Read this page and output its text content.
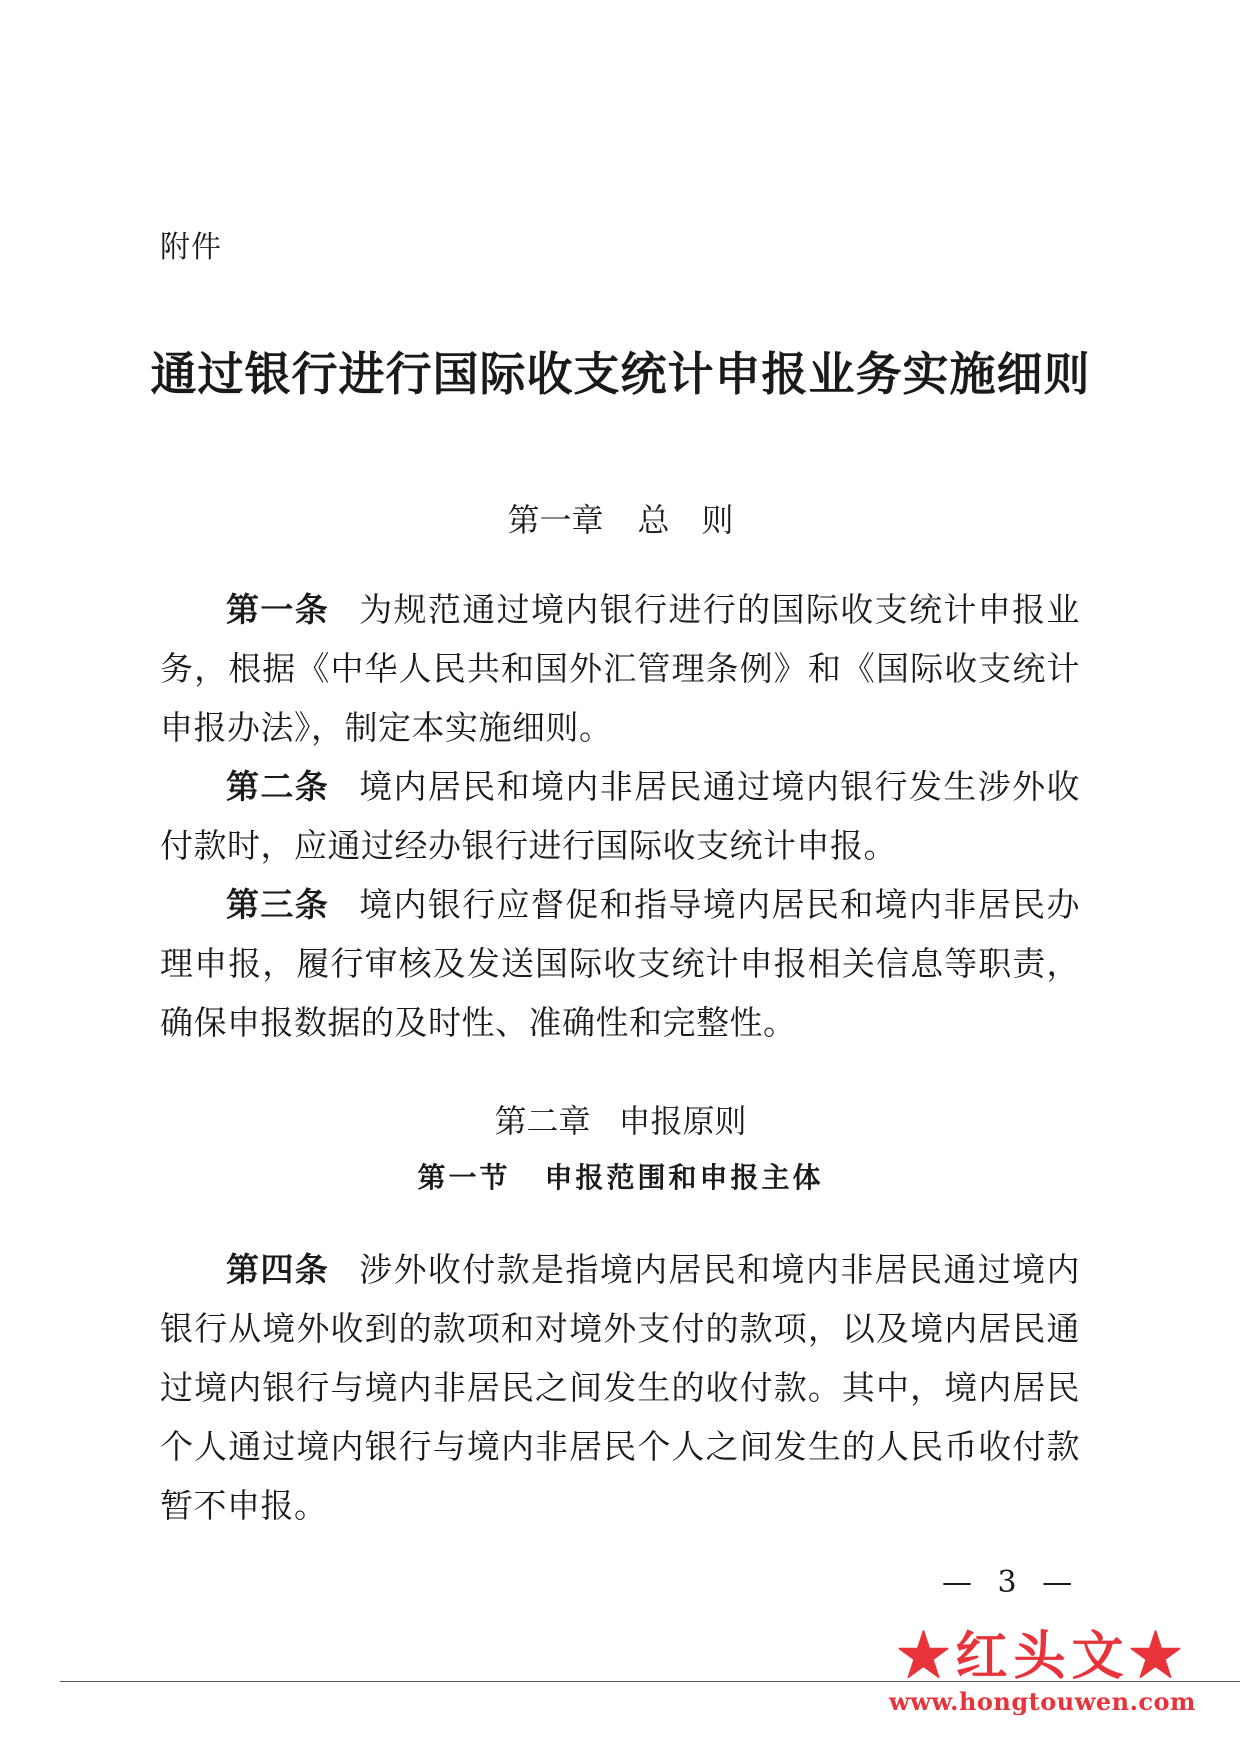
附件
通过银行进行国际收支统计申报业务实施细则
第一章 总　则

第一条 为规范通过境内银行进行的国际收支统计申报业务，根据《中华人民共和国外汇管理条例》和《国际收支统计申报办法》，制定本实施细则。

第二条 境内居民和境内非居民通过境内银行发生涉外收付款时，应通过经办银行进行国际收支统计申报。

第三条 境内银行应督促和指导境内居民和境内非居民办理申报，履行审核及发送国际收支统计申报相关信息等职责，确保申报数据的及时性、准确性和完整性。

第二章 申报原则
第一节 申报范围和申报主体

第四条 涉外收付款是指境内居民和境内非居民通过境内银行从境外收到的款项和对境外支付的款项，以及境内居民通过境内银行与境内非居民之间发生的收付款。其中，境内居民个人通过境内银行与境内非居民个人之间发生的人民币收付款暂不申报。

— 3 —
★红头文★
www.hongtouwen.com
